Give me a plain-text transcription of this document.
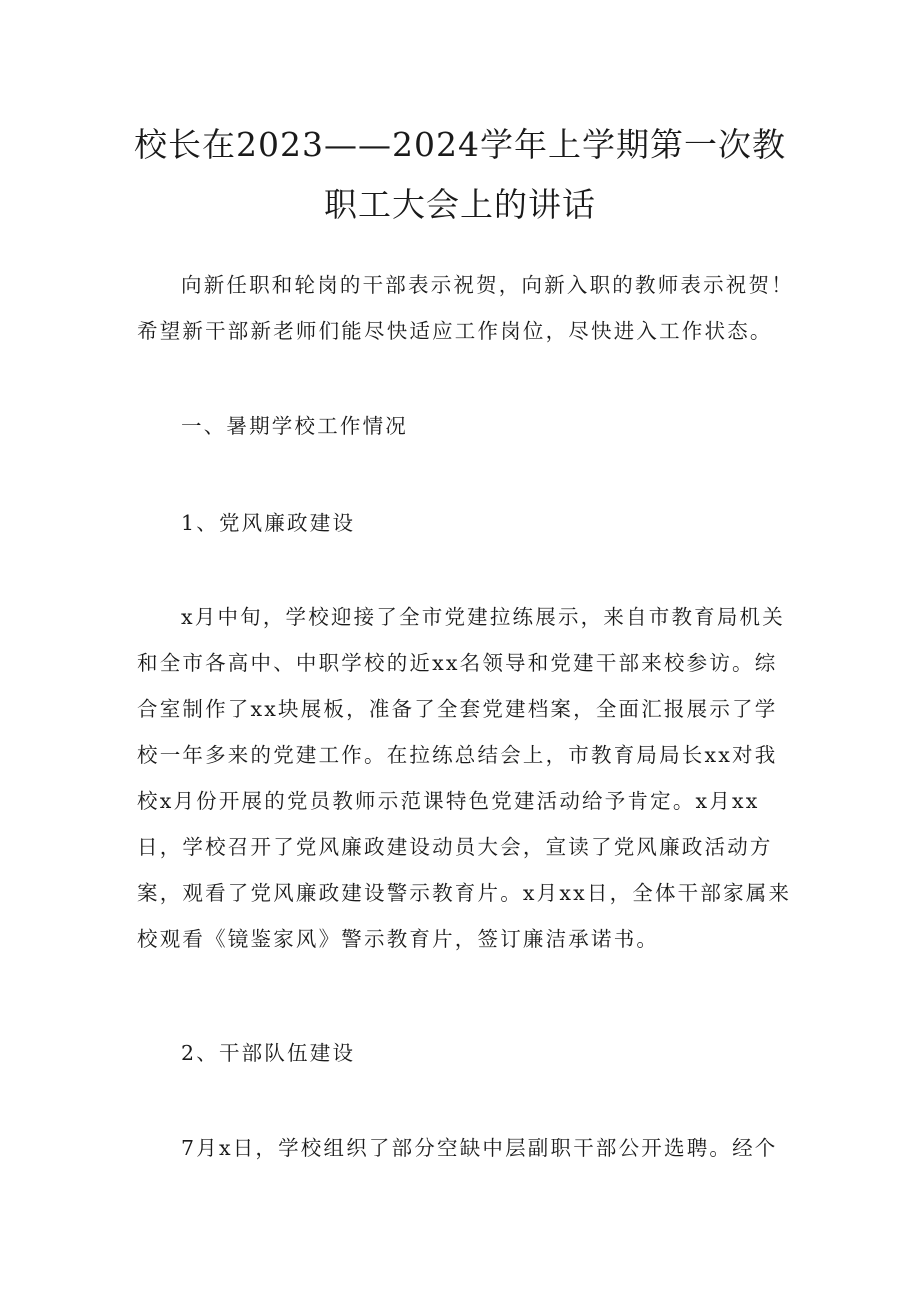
校长在2023——2024学年上学期第一次教
职工大会上的讲话

向新任职和轮岗的干部表示祝贺，向新入职的教师表示祝贺！希望新干部新老师们能尽快适应工作岗位，尽快进入工作状态。

一、暑期学校工作情况
1、党风廉政建设

x月中旬，学校迎接了全市党建拉练展示，来自市教育局机关和全市各高中、中职学校的近xx名领导和党建干部来校参访。综合室制作了xx块展板，准备了全套党建档案，全面汇报展示了学校一年多来的党建工作。在拉练总结会上，市教育局局长xx对我校x月份开展的党员教师示范课特色党建活动给予肯定。x月xx日，学校召开了党风廉政建设动员大会，宣读了党风廉政活动方案，观看了党风廉政建设警示教育片。x月xx日，全体干部家属来校观看《镜鉴家风》警示教育片，签订廉洁承诺书。

2、干部队伍建设

7月x日，学校组织了部分空缺中层副职干部公开选聘。经个
